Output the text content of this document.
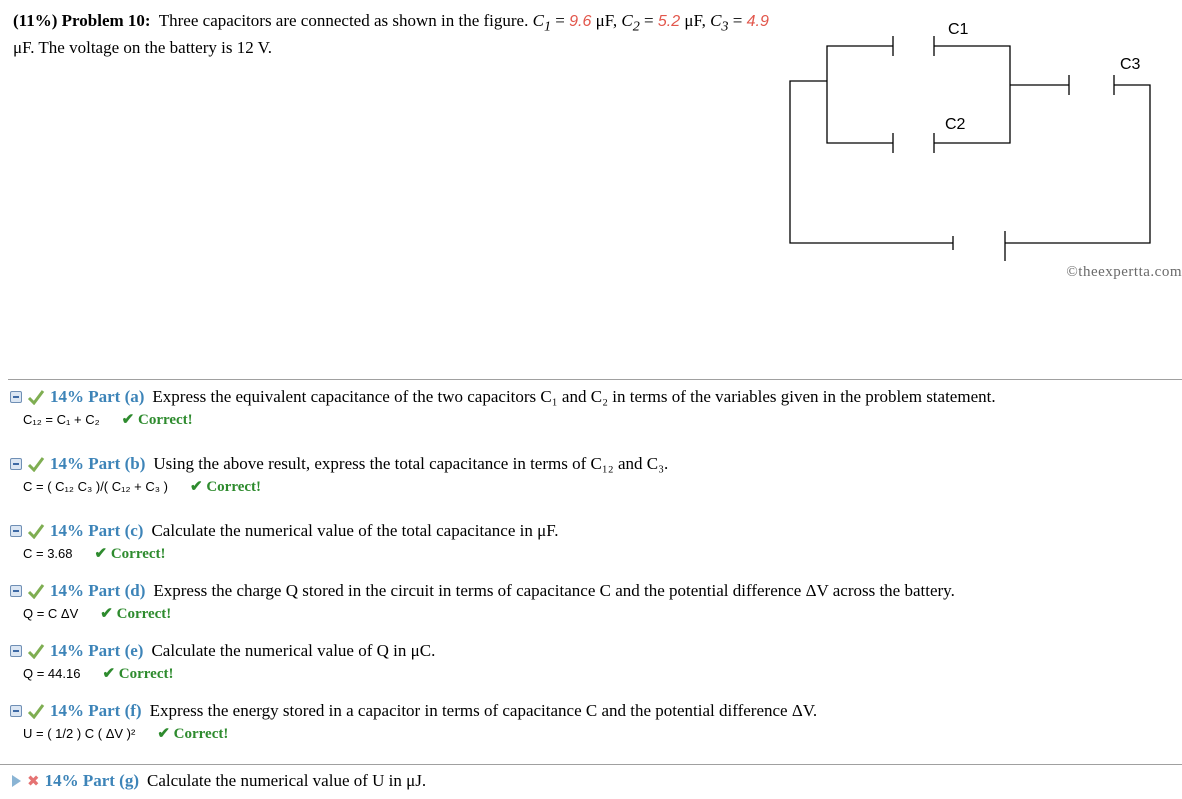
(11%) Problem 10: Three capacitors are connected as shown in the figure. $C_1 = 9.6$ μF, $C_2 = 5.2$ μF, $C_3 = 4.9$ μF. The voltage on the battery is 12 V.
C1
C2
C3
©theexpertta.com
14% Part (a) Express the equivalent capacitance of the two capacitors C₁ and C₂ in terms of the variables given in the problem statement.
C₁₂ = C₁ + C₂ ✔ Correct!
14% Part (b) Using the above result, express the total capacitance in terms of C₁₂ and C₃.
C = ( C₁₂ C₃ )/( C₁₂ + C₃ ) ✔ Correct!
14% Part (c) Calculate the numerical value of the total capacitance in μF.
C = 3.68 ✔ Correct!
14% Part (d) Express the charge Q stored in the circuit in terms of capacitance C and the potential difference ΔV across the battery.
Q = C ΔV ✔ Correct!
14% Part (e) Calculate the numerical value of Q in μC.
Q = 44.16 ✔ Correct!
14% Part (f) Express the energy stored in a capacitor in terms of capacitance C and the potential difference ΔV.
U = ( 1/2 ) C ( ΔV )² ✔ Correct!
✖ 14% Part (g) Calculate the numerical value of U in μJ.
